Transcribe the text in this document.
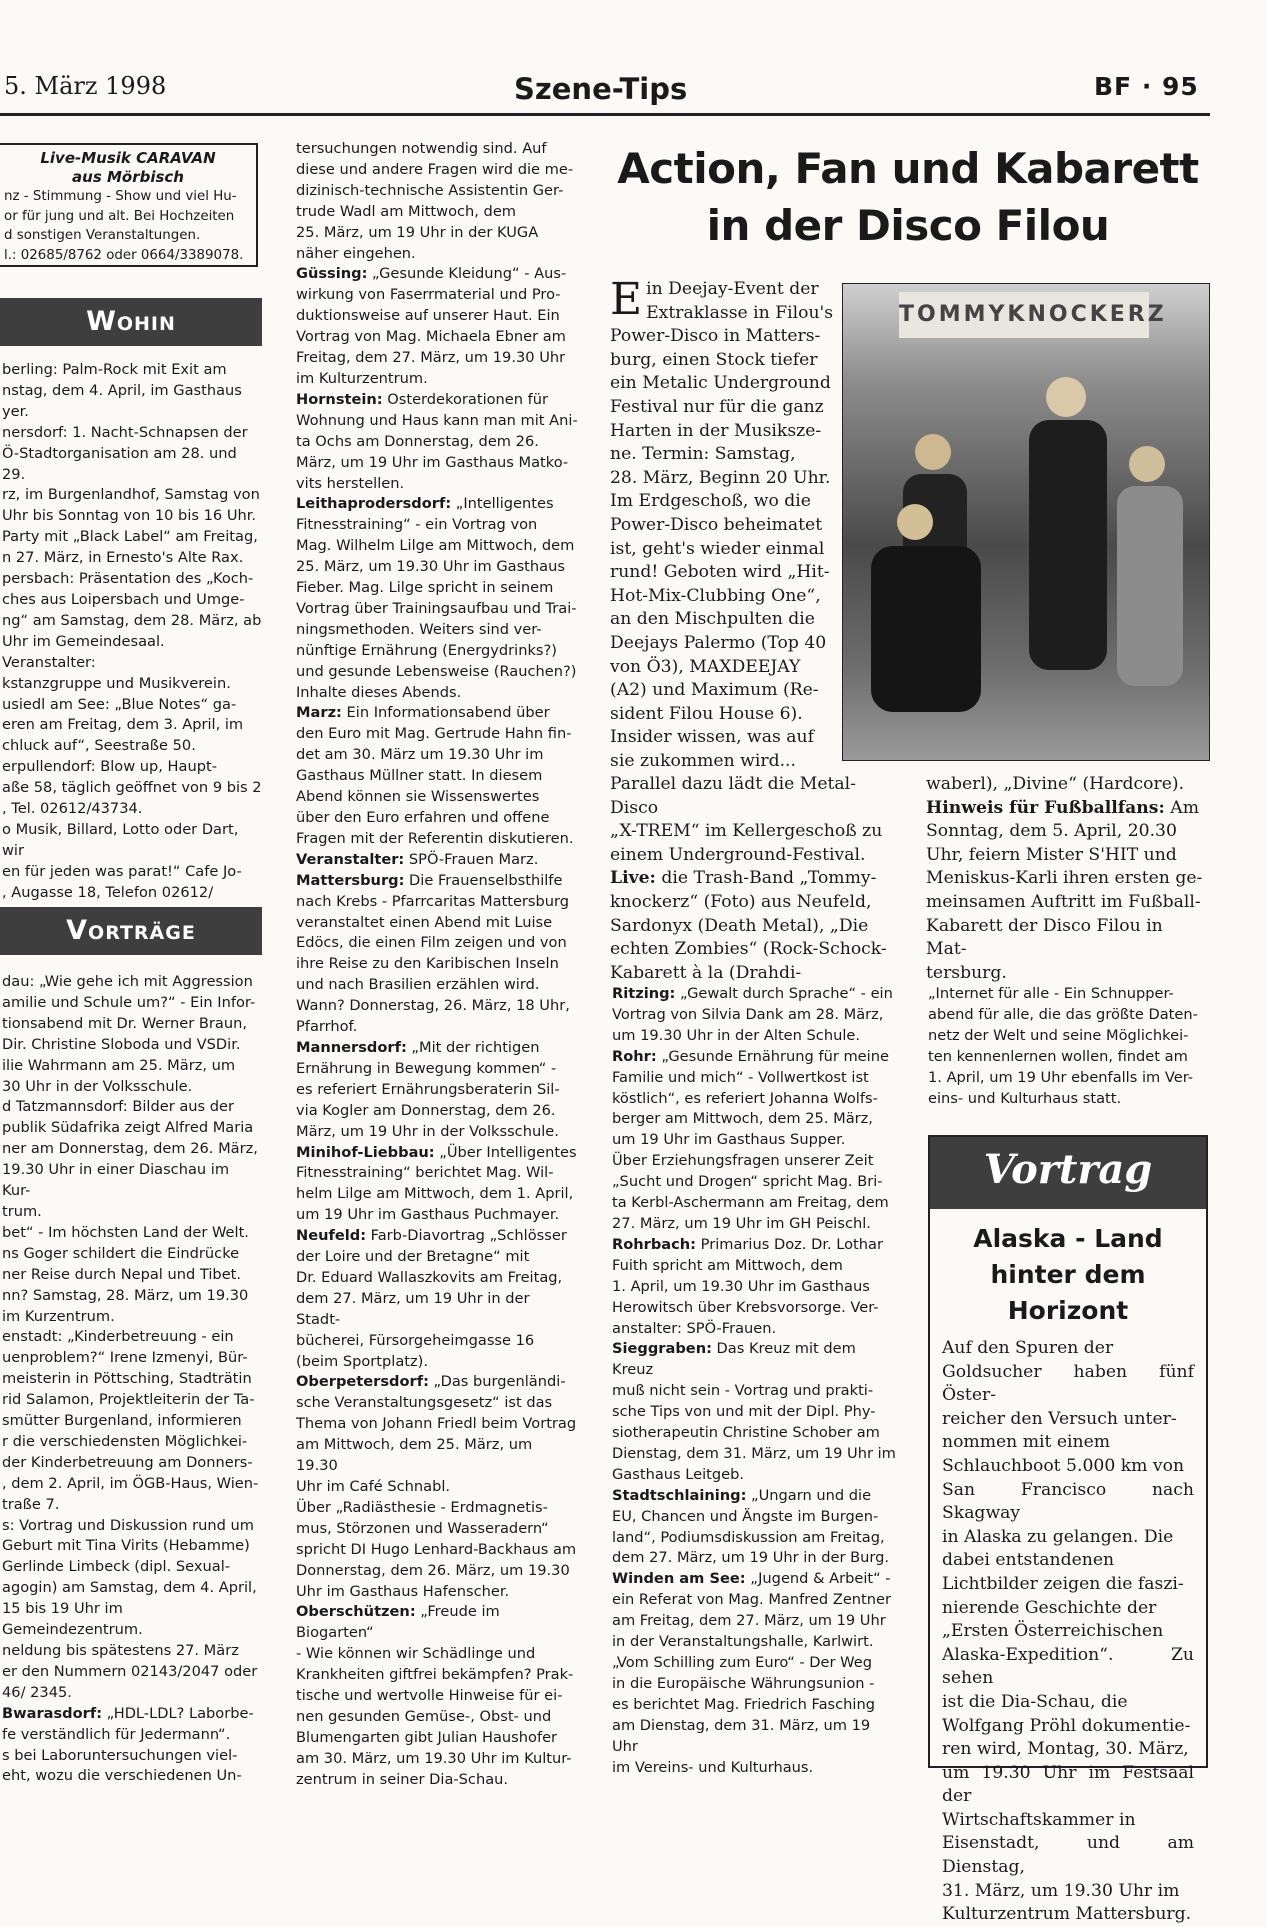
5. März 1998	Szene-Tips	BF · 95
Live-Musik CARAVAN
aus Mörbisch
nz - Stimmung - Show und viel Hu-
or für jung und alt. Bei Hochzeiten
d sonstigen Veranstaltungen.
l.: 02685/8762 oder 0664/3389078.
Wohin
berling: Palm-Rock mit Exit am
nstag, dem 4. April, im Gasthaus
yer.
nersdorf: 1. Nacht-Schnapsen der
Ö-Stadtorganisation am 28. und 29.
rz, im Burgenlandhof, Samstag von
Uhr bis Sonntag von 10 bis 16 Uhr.
Party mit „Black Label“ am Freitag,
n 27. März, in Ernesto's Alte Rax.
persbach: Präsentation des „Koch-
ches aus Loipersbach und Umge-
ng“ am Samstag, dem 28. März, ab
Uhr im Gemeindesaal. Veranstalter:
kstanzgruppe und Musikverein.
usiedl am See: „Blue Notes“ ga-
eren am Freitag, dem 3. April, im
chluck auf“, Seestraße 50.
erpullendorf: Blow up, Haupt-
aße 58, täglich geöffnet von 9 bis 2
, Tel. 02612/43734.
o Musik, Billard, Lotto oder Dart, wir
en für jeden was parat!“ Cafe Jo-
, Augasse 18, Telefon 02612/
Vorträge
dau: „Wie gehe ich mit Aggression
amilie und Schule um?“ - Ein Infor-
tionsabend mit Dr. Werner Braun,
Dir. Christine Sloboda und VSDir.
ilie Wahrmann am 25. März, um
30 Uhr in der Volksschule.
d Tatzmannsdorf: Bilder aus der
publik Südafrika zeigt Alfred Maria
ner am Donnerstag, dem 26. März,
19.30 Uhr in einer Diaschau im Kur-
trum.
bet“ - Im höchsten Land der Welt.
ns Goger schildert die Eindrücke
ner Reise durch Nepal und Tibet.
nn? Samstag, 28. März, um 19.30
im Kurzentrum.
enstadt: „Kinderbetreuung - ein
uenproblem?“ Irene Izmenyi, Bür-
meisterin in Pöttsching, Stadträtin
rid Salamon, Projektleiterin der Ta-
smütter Burgenland, informieren
r die verschiedensten Möglichkei-
der Kinderbetreuung am Donners-
, dem 2. April, im ÖGB-Haus, Wien-
traße 7.
s: Vortrag und Diskussion rund um
Geburt mit Tina Virits (Hebamme)
Gerlinde Limbeck (dipl. Sexual-
agogin) am Samstag, dem 4. April,
15 bis 19 Uhr im Gemeindezentrum.
neldung bis spätestens 27. März
er den Nummern 02143/2047 oder
46/ 2345.
Bwarasdorf: „HDL-LDL? Laborbe-
fe verständlich für Jedermann“.
s bei Laboruntersuchungen viel-
eht, wozu die verschiedenen Un-
tersuchungen notwendig sind. Auf
diese und andere Fragen wird die me-
dizinisch-technische Assistentin Ger-
trude Wadl am Mittwoch, dem
25. März, um 19 Uhr in der KUGA
näher eingehen.
Güssing: „Gesunde Kleidung“ - Aus-
wirkung von Faserrmaterial und Pro-
duktionsweise auf unserer Haut. Ein
Vortrag von Mag. Michaela Ebner am
Freitag, dem 27. März, um 19.30 Uhr
im Kulturzentrum.
Hornstein: Osterdekorationen für
Wohnung und Haus kann man mit Ani-
ta Ochs am Donnerstag, dem 26.
März, um 19 Uhr im Gasthaus Matko-
vits herstellen.
Leithaprodersdorf: „Intelligentes
Fitnesstraining“ - ein Vortrag von
Mag. Wilhelm Lilge am Mittwoch, dem
25. März, um 19.30 Uhr im Gasthaus
Fieber. Mag. Lilge spricht in seinem
Vortrag über Trainingsaufbau und Trai-
ningsmethoden. Weiters sind ver-
nünftige Ernährung (Energydrinks?)
und gesunde Lebensweise (Rauchen?)
Inhalte dieses Abends.
Marz: Ein Informationsabend über
den Euro mit Mag. Gertrude Hahn fin-
det am 30. März um 19.30 Uhr im
Gasthaus Müllner statt. In diesem
Abend können sie Wissenswertes
über den Euro erfahren und offene
Fragen mit der Referentin diskutieren.
Veranstalter: SPÖ-Frauen Marz.
Mattersburg: Die Frauenselbsthilfe
nach Krebs - Pfarrcaritas Mattersburg
veranstaltet einen Abend mit Luise
Edöcs, die einen Film zeigen und von
ihre Reise zu den Karibischen Inseln
und nach Brasilien erzählen wird.
Wann? Donnerstag, 26. März, 18 Uhr,
Pfarrhof.
Mannersdorf: „Mit der richtigen
Ernährung in Bewegung kommen“ -
es referiert Ernährungsberaterin Sil-
via Kogler am Donnerstag, dem 26.
März, um 19 Uhr in der Volksschule.
Minihof-Liebbau: „Über Intelligentes
Fitnesstraining“ berichtet Mag. Wil-
helm Lilge am Mittwoch, dem 1. April,
um 19 Uhr im Gasthaus Puchmayer.
Neufeld: Farb-Diavortrag „Schlösser
der Loire und der Bretagne“ mit
Dr. Eduard Wallaszkovits am Freitag,
dem 27. März, um 19 Uhr in der Stadt-
bücherei, Fürsorgeheimgasse 16
(beim Sportplatz).
Oberpetersdorf: „Das burgenländi-
sche Veranstaltungsgesetz“ ist das
Thema von Johann Friedl beim Vortrag
am Mittwoch, dem 25. März, um 19.30
Uhr im Café Schnabl.
Über „Radiästhesie - Erdmagnetis-
mus, Störzonen und Wasseradern“
spricht DI Hugo Lenhard-Backhaus am
Donnerstag, dem 26. März, um 19.30
Uhr im Gasthaus Hafenscher.
Oberschützen: „Freude im Biogarten“
- Wie können wir Schädlinge und
Krankheiten giftfrei bekämpfen? Prak-
tische und wertvolle Hinweise für ei-
nen gesunden Gemüse-, Obst- und
Blumengarten gibt Julian Haushofer
am 30. März, um 19.30 Uhr im Kultur-
zentrum in seiner Dia-Schau.
Action, Fan und Kabarett
in der Disco Filou
TOMMYKNOCKERZ
E in Deejay-Event der
Extraklasse in Filou's
Power-Disco in Matters-
burg, einen Stock tiefer
ein Metalic Underground
Festival nur für die ganz
Harten in der Musiksze-
ne. Termin: Samstag,
28. März, Beginn 20 Uhr.
Im Erdgeschoß, wo die
Power-Disco beheimatet
ist, geht's wieder einmal
rund! Geboten wird „Hit-
Hot-Mix-Clubbing One“,
an den Mischpulten die
Deejays Palermo (Top 40
von Ö3), MAXDEEJAY
(A2) und Maximum (Re-
sident Filou House 6).
Insider wissen, was auf
sie zukommen wird...
Parallel dazu lädt die Metal-Disco
„X-TREM“ im Kellergeschoß zu
einem Underground-Festival.
Live: die Trash-Band „Tommy-
knockerz“ (Foto) aus Neufeld,
Sardonyx (Death Metal), „Die
echten Zombies“ (Rock-Schock-
Kabarett à la (Drahdi-
waberl), „Divine“ (Hardcore).
Hinweis für Fußballfans: Am
Sonntag, dem 5. April, 20.30
Uhr, feiern Mister S'HIT und
Meniskus-Karli ihren ersten ge-
meinsamen Auftritt im Fußball-
Kabarett der Disco Filou in Mat-
tersburg.
Ritzing: „Gewalt durch Sprache“ - ein
Vortrag von Silvia Dank am 28. März,
um 19.30 Uhr in der Alten Schule.
Rohr: „Gesunde Ernährung für meine
Familie und mich“ - Vollwertkost ist
köstlich“, es referiert Johanna Wolfs-
berger am Mittwoch, dem 25. März,
um 19 Uhr im Gasthaus Supper.
Über Erziehungsfragen unserer Zeit
„Sucht und Drogen“ spricht Mag. Bri-
ta Kerbl-Aschermann am Freitag, dem
27. März, um 19 Uhr im GH Peischl.
Rohrbach: Primarius Doz. Dr. Lothar
Fuith spricht am Mittwoch, dem
1. April, um 19.30 Uhr im Gasthaus
Herowitsch über Krebsvorsorge. Ver-
anstalter: SPÖ-Frauen.
Sieggraben: Das Kreuz mit dem Kreuz
muß nicht sein - Vortrag und prakti-
sche Tips von und mit der Dipl. Phy-
siotherapeutin Christine Schober am
Dienstag, dem 31. März, um 19 Uhr im
Gasthaus Leitgeb.
Stadtschlaining: „Ungarn und die
EU, Chancen und Ängste im Burgen-
land“, Podiumsdiskussion am Freitag,
dem 27. März, um 19 Uhr in der Burg.
Winden am See: „Jugend & Arbeit“ -
ein Referat von Mag. Manfred Zentner
am Freitag, dem 27. März, um 19 Uhr
in der Veranstaltungshalle, Karlwirt.
„Vom Schilling zum Euro“ - Der Weg
in die Europäische Währungsunion -
es berichtet Mag. Friedrich Fasching
am Dienstag, dem 31. März, um 19 Uhr
im Vereins- und Kulturhaus.
„Internet für alle - Ein Schnupper-
abend für alle, die das größte Daten-
netz der Welt und seine Möglichkei-
ten kennenlernen wollen, findet am
1. April, um 19 Uhr ebenfalls im Ver-
eins- und Kulturhaus statt.
Vortrag
Alaska - Land
hinter dem Horizont
Auf den Spuren der
Goldsucher haben fünf Öster-
reicher den Versuch unter-
nommen mit einem
Schlauchboot 5.000 km von
San Francisco nach Skagway
in Alaska zu gelangen. Die
dabei entstandenen
Lichtbilder zeigen die faszi-
nierende Geschichte der
„Ersten Österreichischen
Alaska-Expedition“. Zu sehen
ist die Dia-Schau, die
Wolfgang Pröhl dokumentie-
ren wird, Montag, 30. März,
um 19.30 Uhr im Festsaal der
Wirtschaftskammer in
Eisenstadt, und am Dienstag,
31. März, um 19.30 Uhr im
Kulturzentrum Mattersburg.
